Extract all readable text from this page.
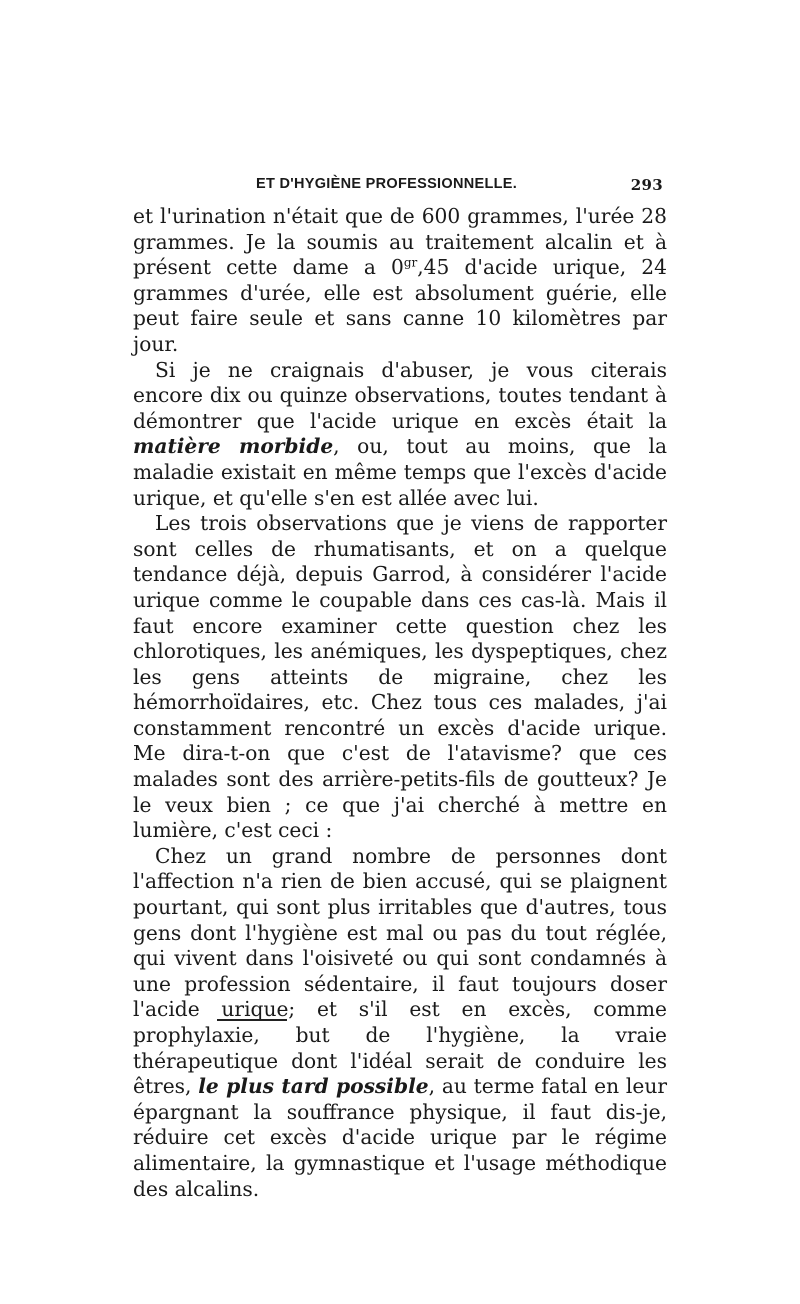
ET D'HYGIÈNE PROFESSIONNELLE.	293

et l'urination n'était que de 600 grammes, l'urée 28 grammes. Je la soumis au traitement alcalin et à présent cette dame a $0^{gr},45$ d'acide urique, 24 grammes d'urée, elle est absolument guérie, elle peut faire seule et sans canne 10 kilomètres par jour.

Si je ne craignais d'abuser, je vous citerais encore dix ou quinze observations, toutes tendant à démontrer que l'acide urique en excès était la matière morbide, ou, tout au moins, que la maladie existait en même temps que l'excès d'acide urique, et qu'elle s'en est allée avec lui.

Les trois observations que je viens de rapporter sont celles de rhumatisants, et on a quelque tendance déjà, depuis Garrod, à considérer l'acide urique comme le coupable dans ces cas-là. Mais il faut encore examiner cette question chez les chlorotiques, les anémiques, les dyspeptiques, chez les gens atteints de migraine, chez les hémorrhoïdaires, etc. Chez tous ces malades, j'ai constamment rencontré un excès d'acide urique. Me dira-t-on que c'est de l'atavisme? que ces malades sont des arrière-petits-fils de goutteux? Je le veux bien ; ce que j'ai cherché à mettre en lumière, c'est ceci :

Chez un grand nombre de personnes dont l'affection n'a rien de bien accusé, qui se plaignent pourtant, qui sont plus irritables que d'autres, tous gens dont l'hygiène est mal ou pas du tout réglée, qui vivent dans l'oisiveté ou qui sont condamnés à une profession sédentaire, il faut toujours doser l'acide urique; et s'il est en excès, comme prophylaxie, but de l'hygiène, la vraie thérapeutique dont l'idéal serait de conduire les êtres, le plus tard possible, au terme fatal en leur épargnant la souffrance physique, il faut dis-je, réduire cet excès d'acide urique par le régime alimentaire, la gymnastique et l'usage méthodique des alcalins.
